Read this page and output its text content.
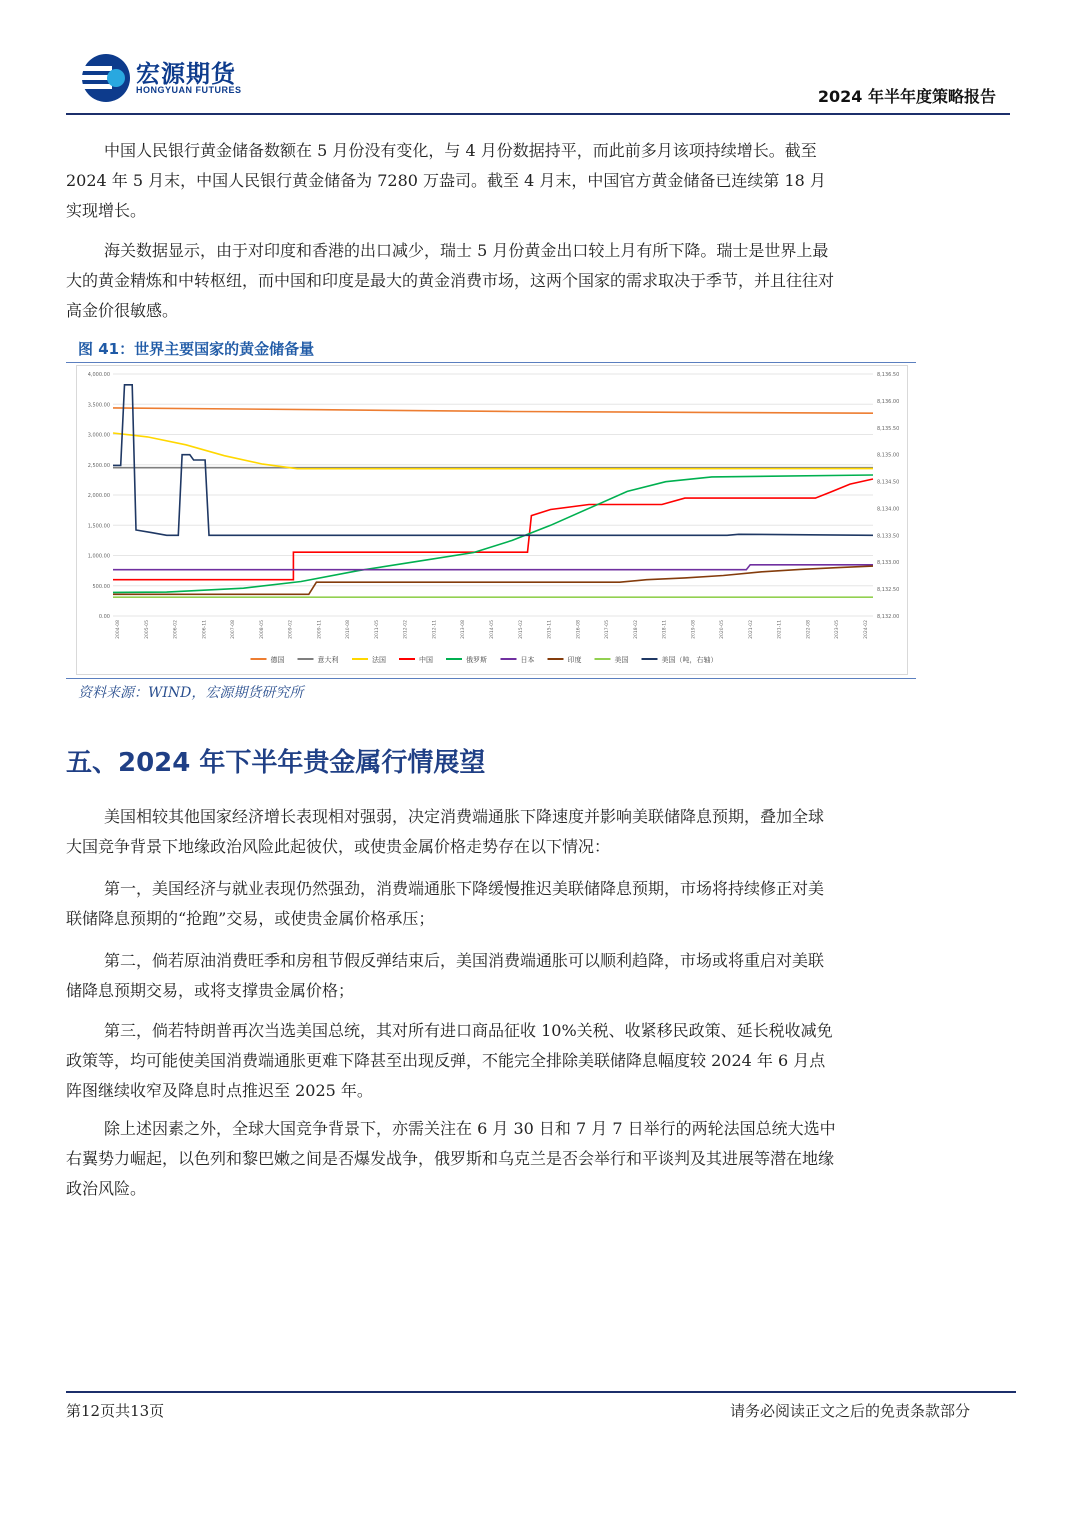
宏源期货
HONGYUAN FUTURES	2024 年半年度策略报告

中国人民银行黄金储备数额在 5 月份没有变化，与 4 月份数据持平，而此前多月该项持续增长。截至 2024 年 5 月末，中国人民银行黄金储备为 7280 万盎司。截至 4 月末，中国官方黄金储备已连续第 18 月实现增长。

海关数据显示，由于对印度和香港的出口减少，瑞士 5 月份黄金出口较上月有所下降。瑞士是世界上最大的黄金精炼和中转枢纽，而中国和印度是最大的黄金消费市场，这两个国家的需求取决于季节，并且往往对高金价很敏感。

图 41：世界主要国家的黄金储备量
4,000.00
3,500.00
3,000.00
2,500.00
2,000.00
1,500.00
1,000.00
500.00
0.00
8,136.50
8,136.00
8,135.50
8,135.00
8,134.50
8,134.00
8,133.50
8,133.00
8,132.50
8,132.00
2004-08	2005-05	2006-02	2006-11	2007-08	2008-05	2009-02	2009-11	2010-08	2011-05	2012-02	2012-11	2013-08	2014-05	2015-02	2015-11	2016-08	2017-05	2018-02	2018-11	2019-08	2020-05	2021-02	2021-11	2022-08	2023-05	2024-02
德国	意大利	法国	中国	俄罗斯	日本	印度	美国	美国（吨，右轴）
资料来源：WIND，宏源期货研究所
五、2024 年下半年贵金属行情展望

美国相较其他国家经济增长表现相对强弱，决定消费端通胀下降速度并影响美联储降息预期，叠加全球大国竞争背景下地缘政治风险此起彼伏，或使贵金属价格走势存在以下情况：

第一，美国经济与就业表现仍然强劲，消费端通胀下降缓慢推迟美联储降息预期，市场将持续修正对美联储降息预期的“抢跑”交易，或使贵金属价格承压；

第二，倘若原油消费旺季和房租节假反弹结束后，美国消费端通胀可以顺利趋降，市场或将重启对美联储降息预期交易，或将支撑贵金属价格；

第三，倘若特朗普再次当选美国总统，其对所有进口商品征收 10%关税、收紧移民政策、延长税收减免政策等，均可能使美国消费端通胀更难下降甚至出现反弹，不能完全排除美联储降息幅度较 2024 年 6 月点阵图继续收窄及降息时点推迟至 2025 年。

除上述因素之外，全球大国竞争背景下，亦需关注在 6 月 30 日和 7 月 7 日举行的两轮法国总统大选中右翼势力崛起，以色列和黎巴嫩之间是否爆发战争，俄罗斯和乌克兰是否会举行和平谈判及其进展等潜在地缘政治风险。

第12页共13页	请务必阅读正文之后的免责条款部分
